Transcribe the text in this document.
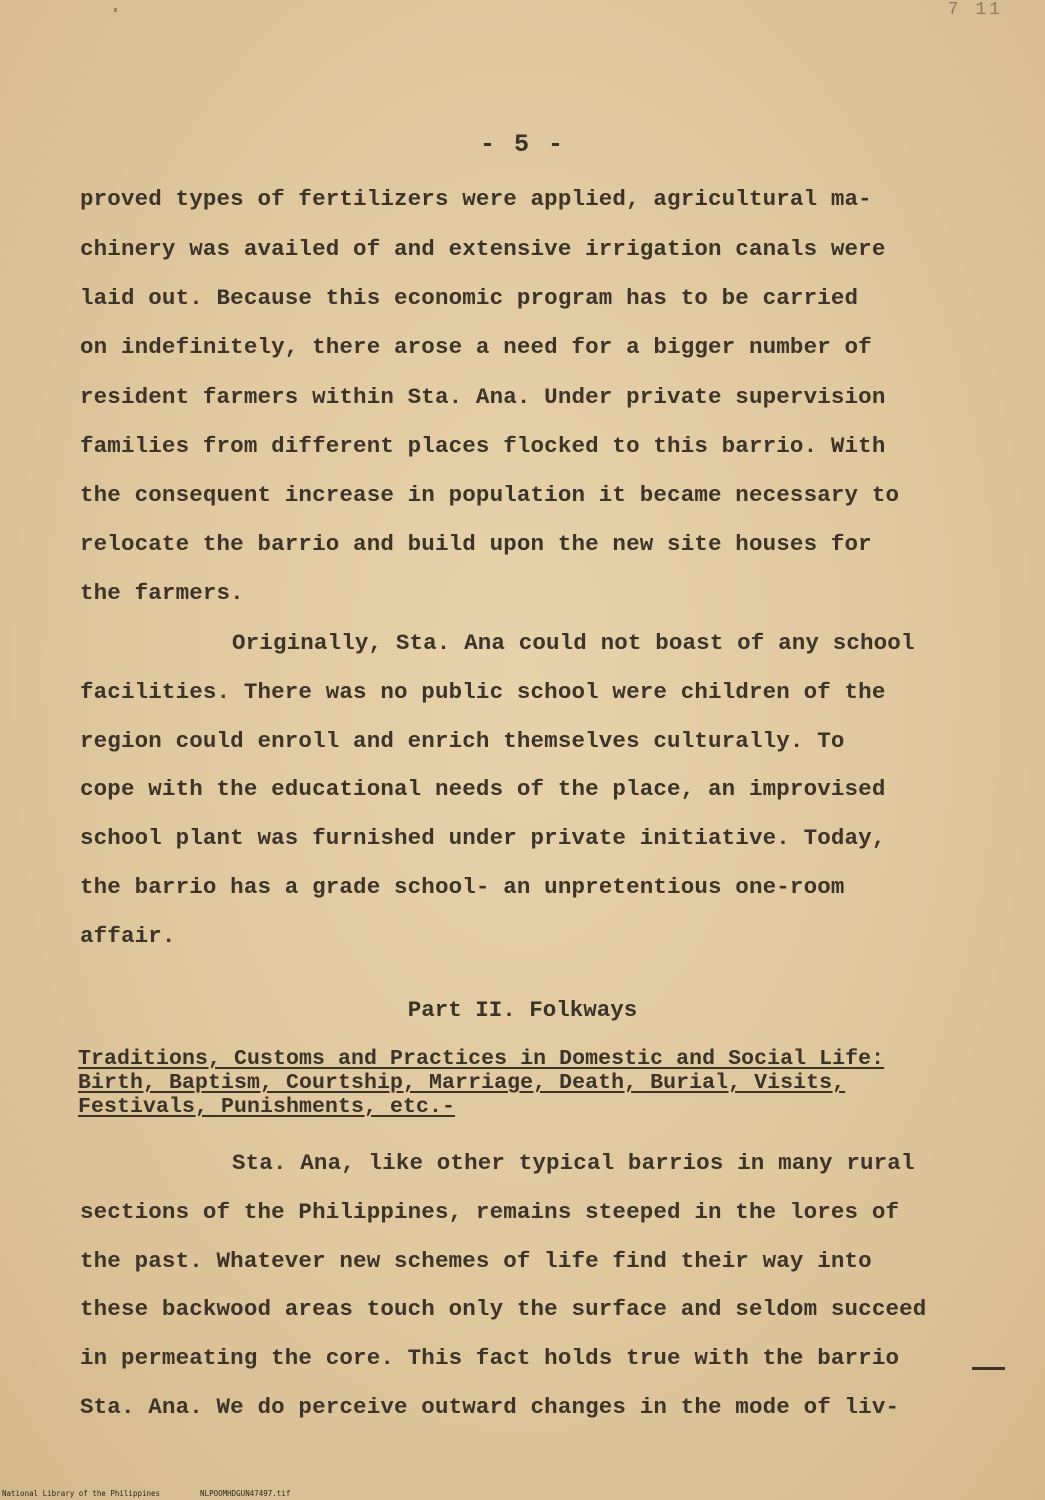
7 11
- 5 -
proved types of fertilizers were applied, agricultural ma-
chinery was availed of and extensive irrigation canals were
laid out. Because this economic program has to be carried
on indefinitely, there arose a need for a bigger number of
resident farmers within Sta. Ana. Under private supervision
families from different places flocked to this barrio. With
the consequent increase in population it became necessary to
relocate the barrio and build upon the new site houses for
the farmers.
Originally, Sta. Ana could not boast of any school
facilities. There was no public school were children of the
region could enroll and enrich themselves culturally. To
cope with the educational needs of the place, an improvised
school plant was furnished under private initiative. Today,
the barrio has a grade school- an unpretentious one-room
affair.
Part II. Folkways
Traditions, Customs and Practices in Domestic and Social Life:
Birth, Baptism, Courtship, Marriage, Death, Burial, Visits,
Festivals, Punishments, etc.-
Sta. Ana, like other typical barrios in many rural
sections of the Philippines, remains steeped in the lores of
the past. Whatever new schemes of life find their way into
these backwood areas touch only the surface and seldom succeed
in permeating the core. This fact holds true with the barrio
Sta. Ana. We do perceive outward changes in the mode of liv-
National Library of the Philippines	NLPOOMHDGUN47497.tif
